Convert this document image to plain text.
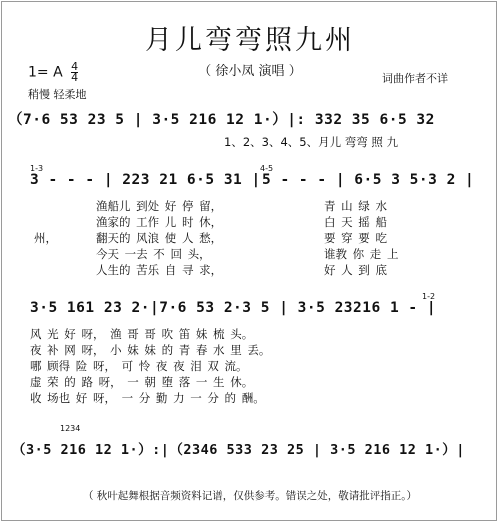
月儿弯弯照九州
（ 徐小凤 演唱 ）	词曲作者不详
1= A $\frac{4}{4}$
稍慢 轻柔地
（7·6 53 23 5 | 3·5 216 12 1·）|: 332 35 6·5 32
1、2、3、4、5、月儿 弯弯 照 九
1-3
3 - - - | 223 21 6·5 31 |
4-5
5 - - - | 6·5 3 5·3 2 |
州，
渔船儿 到处 好 停 留，	青 山 绿 水
渔家的 工作 儿 时 休，	白 天 摇 船
翻天的 风浪 使 人 愁，	要 穿 要 吃
今天 一去 不 回 头，	谁教 你 走 上
人生的 苦乐 自 寻 求，	好 人 到 底
1-2
3·5 161 23 2·|7·6 53 2·3 5 | 3·5 23216 1 - |
风 光 好 呀， 渔 哥 哥 吹 笛 妹 梳 头。
夜 补 网 呀， 小 妹 妹 的 青 春 水 里 丢。
哪 顾得 险 呀， 可 怜 夜 夜 泪 双 流。
虚 荣 的 路 呀， 一 朝 堕 落 一 生 休。
收 场也 好 呀， 一 分 勤 力 一 分 的 酬。
1234
（3·5 216 12 1·）:|（2346 533 23 25 | 3·5 216 12 1·）|
（ 秋叶起舞根据音频资料记谱，仅供参考。错误之处，敬请批评指正。）
